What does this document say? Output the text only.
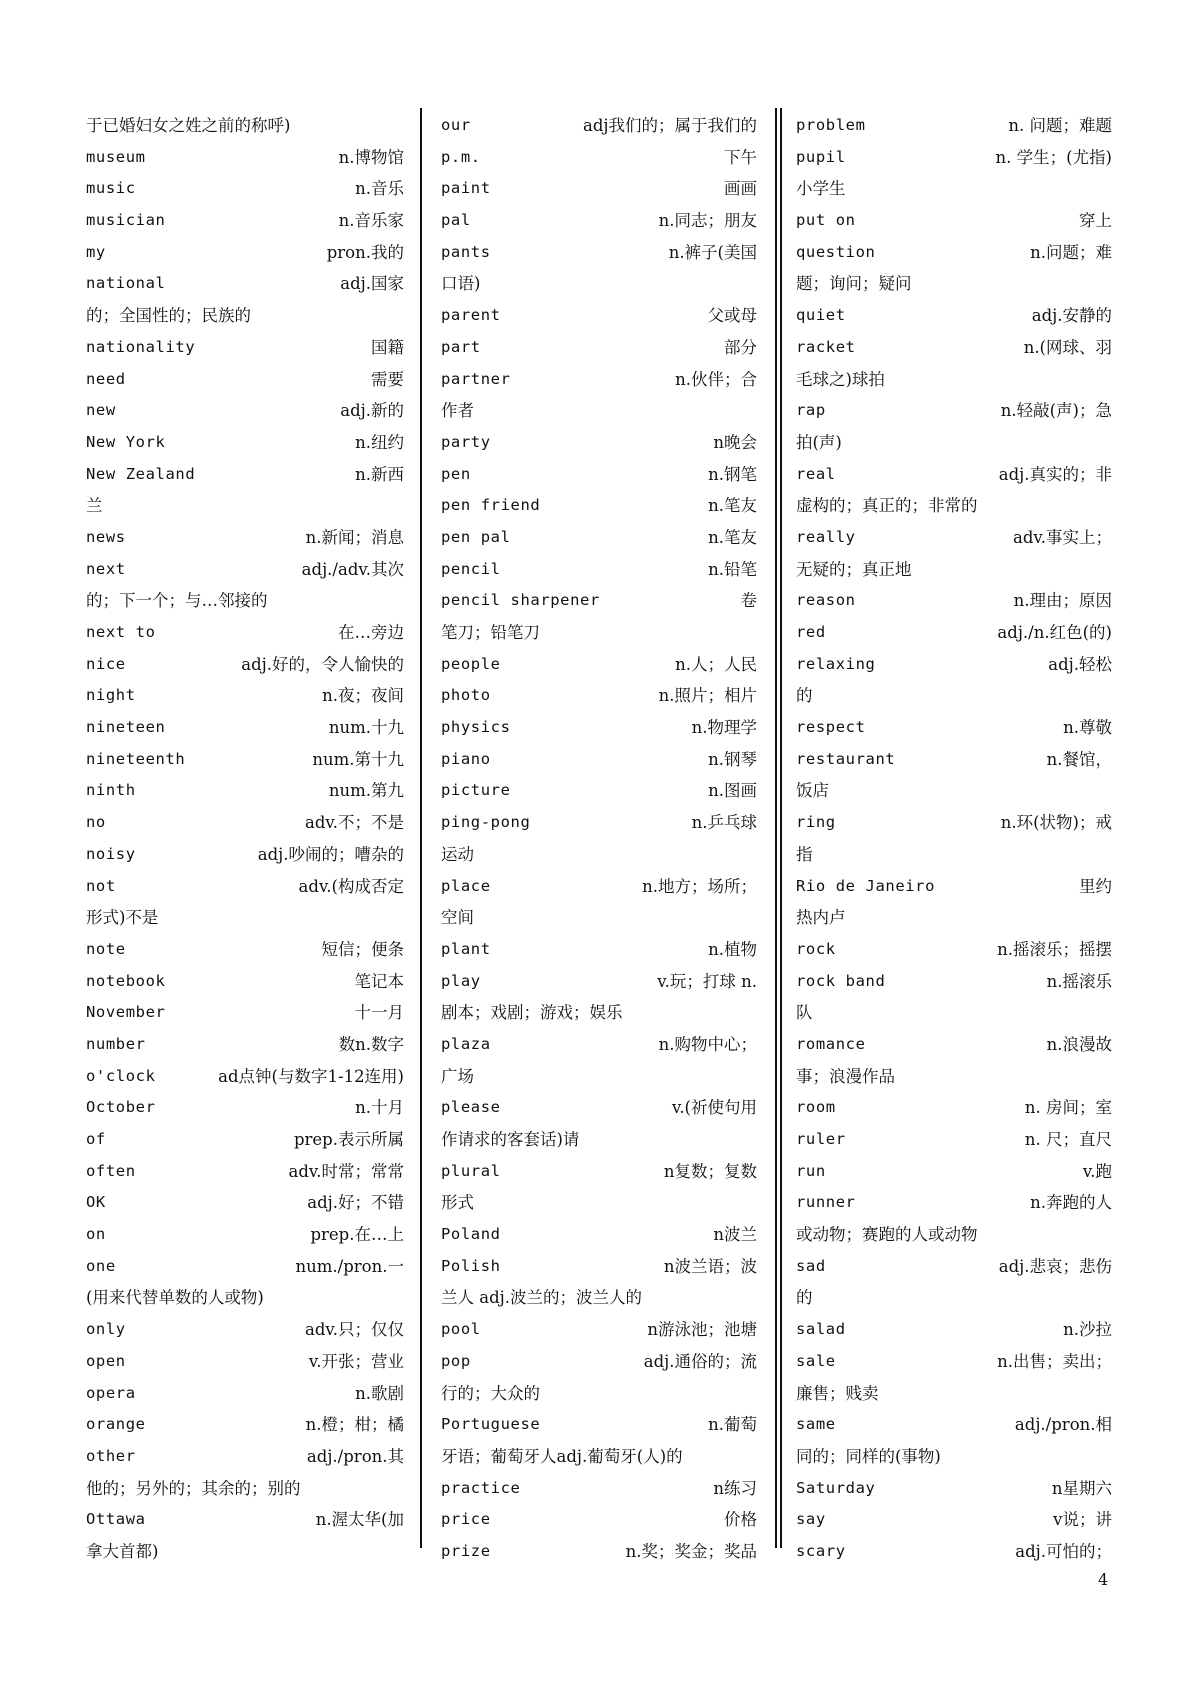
于已婚妇女之姓之前的称呼)
museum	n.博物馆
music	n.音乐
musician	n.音乐家
my	pron.我的
national	adj.国家
的；全国性的；民族的
nationality	国籍
need	需要
new	adj.新的
New York	n.纽约
New Zealand	n.新西
兰
news	n.新闻；消息
next	adj./adv.其次
的；下一个；与…邻接的
next to	在…旁边
nice	adj.好的，令人愉快的
night	n.夜；夜间
nineteen	num.十九
nineteenth	num.第十九
ninth	num.第九
no	adv.不；不是
noisy	adj.吵闹的；嘈杂的
not	adv.(构成否定
形式)不是
note	短信；便条
notebook	笔记本
November	十一月
number	数n.数字
o'clock	ad点钟(与数字1-12连用)
October	n.十月
of	prep.表示所属
often	adv.时常；常常
OK	adj.好；不错
on	prep.在…上
one	num./pron.一
(用来代替单数的人或物)
only	adv.只；仅仅
open	v.开张；营业
opera	n.歌剧
orange	n.橙；柑；橘
other	adj./pron.其
他的；另外的；其余的；别的
Ottawa	n.渥太华(加
拿大首都)
our	adj我们的；属于我们的
p.m.	下午
paint	画画
pal	n.同志；朋友
pants	n.裤子(美国
口语)
parent	父或母
part	部分
partner	n.伙伴；合
作者
party	n晚会
pen	n.钢笔
pen friend	n.笔友
pen pal	n.笔友
pencil	n.铅笔
pencil sharpener	卷
笔刀；铅笔刀
people	n.人；人民
photo	n.照片；相片
physics	n.物理学
piano	n.钢琴
picture	n.图画
ping-pong	n.乒乓球
运动
place	n.地方；场所；
空间
plant	n.植物
play	v.玩；打球 n.
剧本；戏剧；游戏；娱乐
plaza	n.购物中心；
广场
please	v.(祈使句用
作请求的客套话)请
plural	n复数；复数
形式
Poland	n波兰
Polish	n波兰语；波
兰人 adj.波兰的；波兰人的
pool	n游泳池；池塘
pop	adj.通俗的；流
行的；大众的
Portuguese	n.葡萄
牙语；葡萄牙人adj.葡萄牙(人)的
practice	n练习
price	价格
prize	n.奖；奖金；奖品
problem	n. 问题；难题
pupil	n. 学生；(尤指)
小学生
put on	穿上
question	n.问题；难
题；询问；疑问
quiet	adj.安静的
racket	n.(网球、羽
毛球之)球拍
rap	n.轻敲(声)；急
拍(声)
real	adj.真实的；非
虚构的；真正的；非常的
really	adv.事实上；
无疑的；真正地
reason	n.理由；原因
red	adj./n.红色(的)
relaxing	adj.轻松
的
respect	n.尊敬
restaurant	n.餐馆，
饭店
ring	n.环(状物)；戒
指
Rio de Janeiro	里约
热内卢
rock	n.摇滚乐；摇摆
rock band	n.摇滚乐
队
romance	n.浪漫故
事；浪漫作品
room	n. 房间；室
ruler	n. 尺；直尺
run	v.跑
runner	n.奔跑的人
或动物；赛跑的人或动物
sad	adj.悲哀；悲伤
的
salad	n.沙拉
sale	n.出售；卖出；
廉售；贱卖
same	adj./pron.相
同的；同样的(事物)
Saturday	n星期六
say	v说；讲
scary	adj.可怕的；
4
